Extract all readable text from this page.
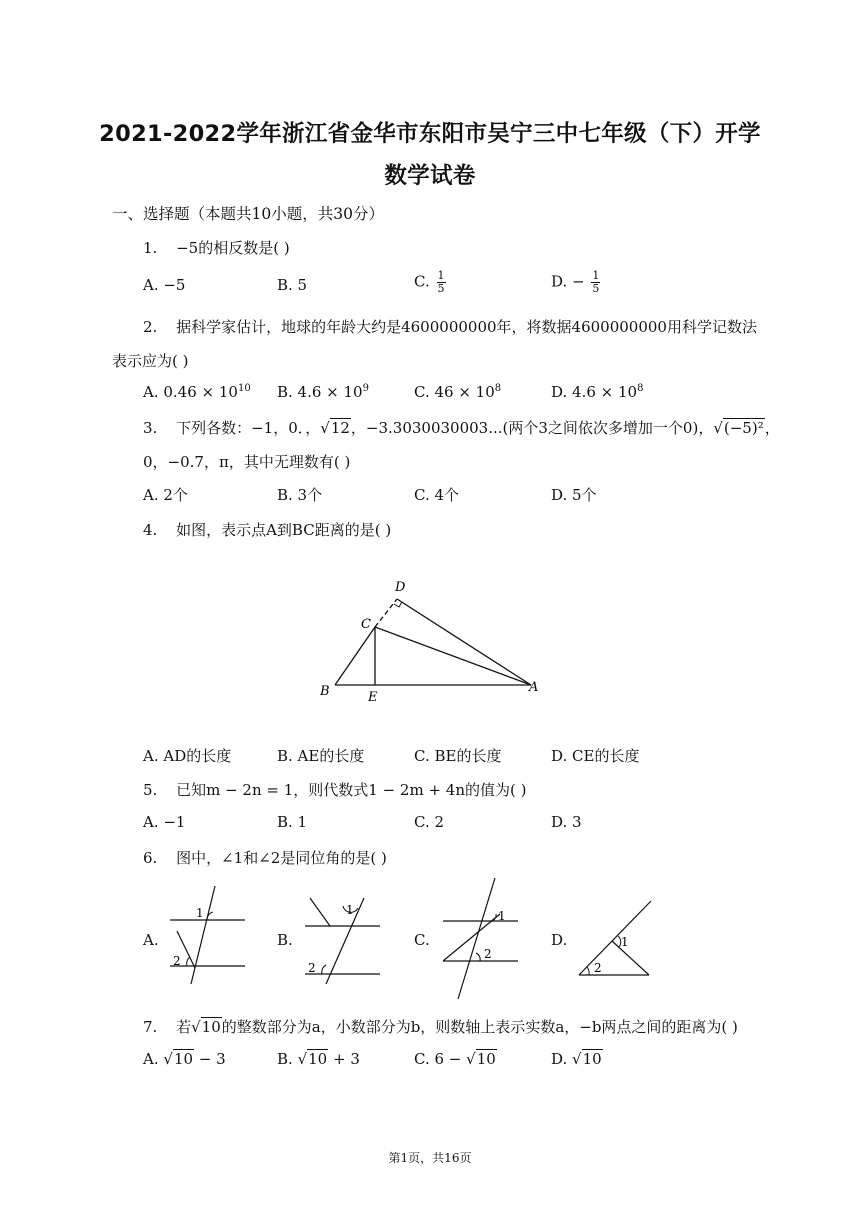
2021-2022学年浙江省金华市东阳市吴宁三中七年级（下）开学
数学试卷
一、选择题（本题共10小题，共30分）
1. −5的相反数是( )
A. −5	B. 5	C. $\frac{1}{5}$	D. − $\frac{1}{5}$
2. 据科学家估计，地球的年龄大约是4600000000年，将数据4600000000用科学记数法
表示应为( )
A. $0.46 \times 10^{10}$ B. $4.6 \times 10^9$	C. $46 \times 10^8$	D. $4.6 \times 10^8$
3. 下列各数：−1，0．，√12，−3.3030030003...(两个3之间依次多增加一个0)，√(−5)²，
0，−0.7，π，其中无理数有( )
A. 2个	B. 3个	C. 4个	D. 5个
4. 如图，表示点A到BC距离的是( )
D
C
B	E
A
A. AD的长度	B. AE的长度	C. BE的长度	D. CE的长度
5. 已知m − 2n = 1，则代数式1 − 2m + 4n的值为( )
A. −1	B. 1	C. 2	D. 3
6. 图中，∠1和∠2是同位角的是( )
A.
1
2
B.
1
2
C.
1
2
D.	1
2
7. 若√10的整数部分为a，小数部分为b，则数轴上表示实数a，−b两点之间的距离为( )
A. √10 − 3	B. √10 + 3	C. 6 − √10	D. √10
第1页，共16页
